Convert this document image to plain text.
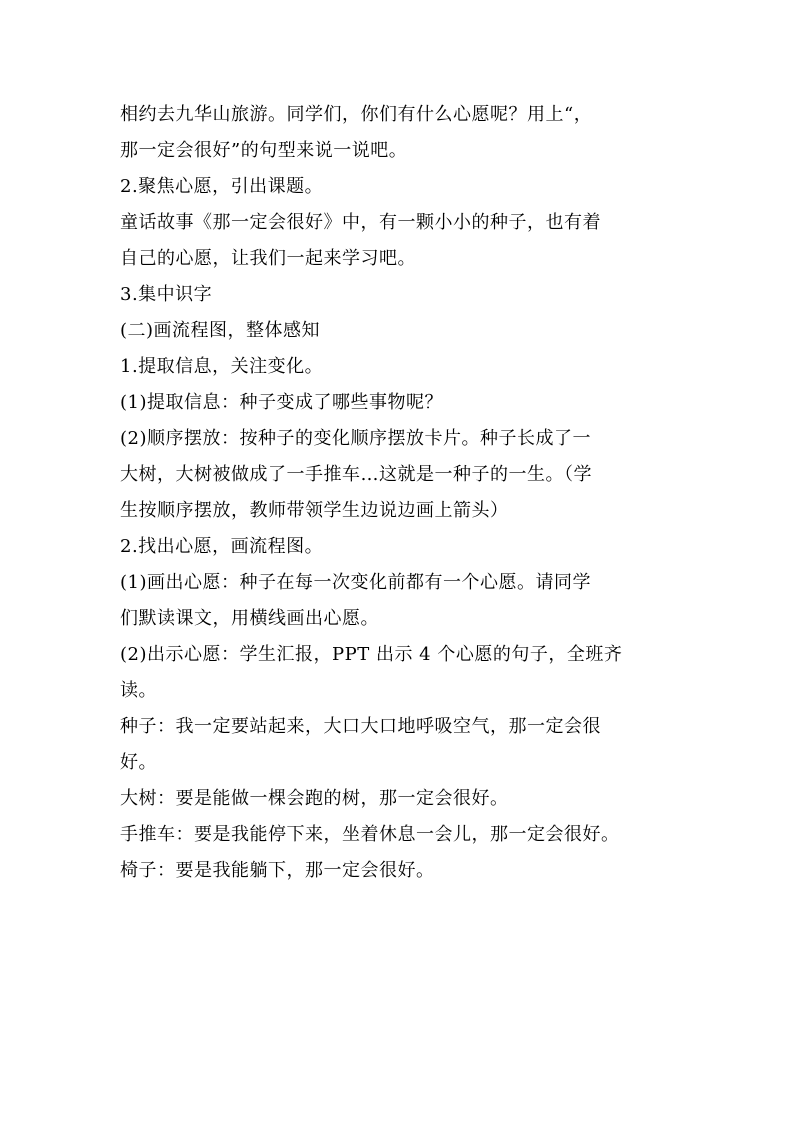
相约去九华山旅游。同学们，你们有什么心愿呢？用上“，
那一定会很好”的句型来说一说吧。
2.聚焦心愿，引出课题。
童话故事《那一定会很好》中，有一颗小小的种子，也有着
自己的心愿，让我们一起来学习吧。
3.集中识字
(二)画流程图，整体感知
1.提取信息，关注变化。
(1)提取信息：种子变成了哪些事物呢？
(2)顺序摆放：按种子的变化顺序摆放卡片。种子长成了一
大树，大树被做成了一手推车…这就是一种子的一生。（学
生按顺序摆放，教师带领学生边说边画上箭头）
2.找出心愿，画流程图。
(1)画出心愿：种子在每一次变化前都有一个心愿。请同学
们默读课文，用横线画出心愿。
(2)出示心愿：学生汇报，PPT 出示 4 个心愿的句子，全班齐
读。
种子：我一定要站起来，大口大口地呼吸空气，那一定会很
好。
大树：要是能做一棵会跑的树，那一定会很好。
手推车：要是我能停下来，坐着休息一会儿，那一定会很好。
椅子：要是我能躺下，那一定会很好。
